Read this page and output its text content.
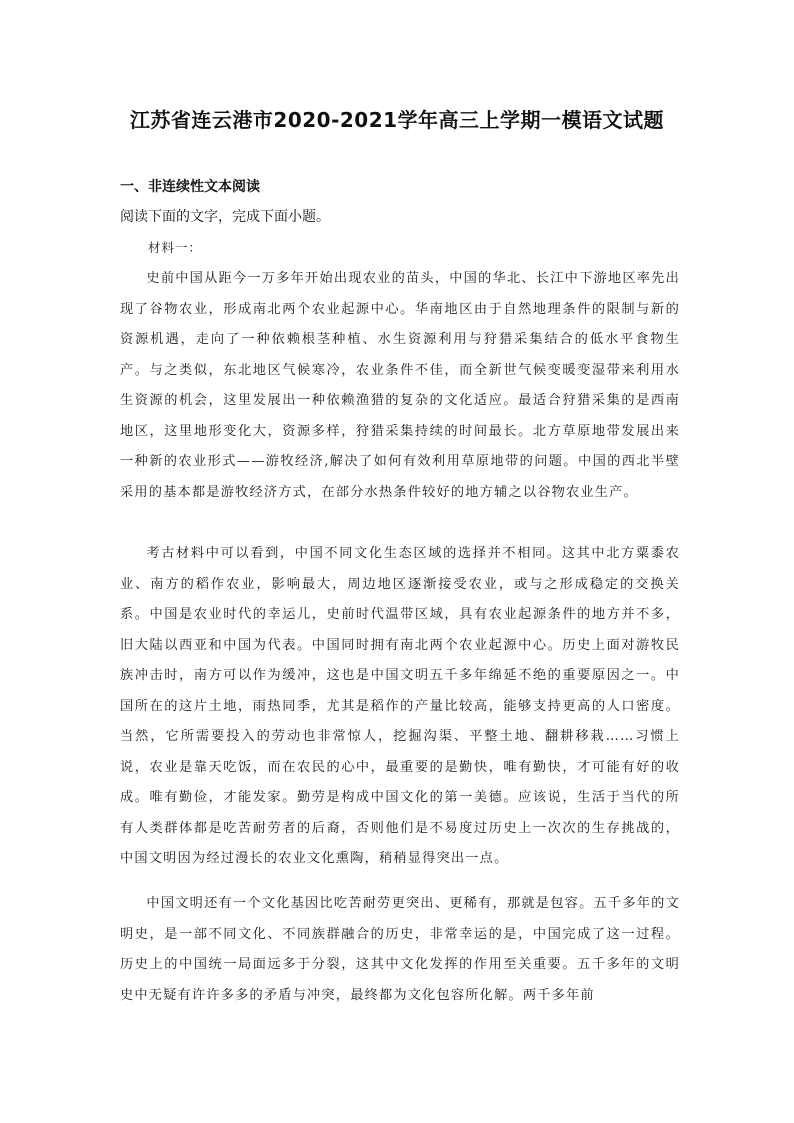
江苏省连云港市2020-2021学年高三上学期一模语文试题
一、非连续性文本阅读

阅读下面的文字，完成下面小题。

材料一：

史前中国从距今一万多年开始出现农业的苗头，中国的华北、长江中下游地区率先出现了谷物农业，形成南北两个农业起源中心。华南地区由于自然地理条件的限制与新的资源机遇，走向了一种依赖根茎种植、水生资源利用与狩猎采集结合的低水平食物生产。与之类似，东北地区气候寒冷，农业条件不佳，而全新世气候变暖变湿带来利用水生资源的机会，这里发展出一种依赖渔猎的复杂的文化适应。最适合狩猎采集的是西南地区，这里地形变化大，资源多样，狩猎采集持续的时间最长。北方草原地带发展出来一种新的农业形式——游牧经济,解决了如何有效利用草原地带的问题。中国的西北半壁采用的基本都是游牧经济方式，在部分水热条件较好的地方辅之以谷物农业生产。

考古材料中可以看到，中国不同文化生态区域的选择并不相同。这其中北方粟黍农业、南方的稻作农业，影响最大，周边地区逐渐接受农业，或与之形成稳定的交换关系。中国是农业时代的幸运儿，史前时代温带区域，具有农业起源条件的地方并不多，旧大陆以西亚和中国为代表。中国同时拥有南北两个农业起源中心。历史上面对游牧民族冲击时，南方可以作为缓冲，这也是中国文明五千多年绵延不绝的重要原因之一。中国所在的这片土地，雨热同季，尤其是稻作的产量比较高，能够支持更高的人口密度。当然，它所需要投入的劳动也非常惊人，挖掘沟渠、平整土地、翻耕移栽……习惯上说，农业是靠天吃饭，而在农民的心中，最重要的是勤快，唯有勤快，才可能有好的收成。唯有勤俭，才能发家。勤劳是构成中国文化的第一美德。应该说，生活于当代的所有人类群体都是吃苦耐劳者的后裔，否则他们是不易度过历史上一次次的生存挑战的，中国文明因为经过漫长的农业文化熏陶，稍稍显得突出一点。

中国文明还有一个文化基因比吃苦耐劳更突出、更稀有，那就是包容。五千多年的文明史，是一部不同文化、不同族群融合的历史，非常幸运的是，中国完成了这一过程。历史上的中国统一局面远多于分裂，这其中文化发挥的作用至关重要。五千多年的文明史中无疑有许许多多的矛盾与冲突，最终都为文化包容所化解。两千多年前
